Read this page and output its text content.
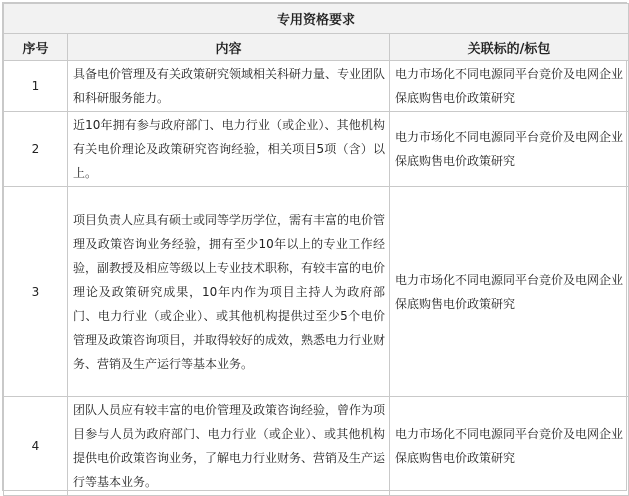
专用资格要求		
序号	内容	关联标的/标包
1	具备电价管理及有关政策研究领域相关科研力量、专业团队和科研服务能力。	电力市场化不同电源同平台竞价及电网企业保底购售电价政策研究
2	近10年拥有参与政府部门、电力行业（或企业）、其他机构有关电价理论及政策研究咨询经验，相关项目5项（含）以上。	电力市场化不同电源同平台竞价及电网企业保底购售电价政策研究
3	项目负责人应具有硕士或同等学历学位，需有丰富的电价管理及政策咨询业务经验，拥有至少10年以上的专业工作经验，副教授及相应等级以上专业技术职称，有较丰富的电价理论及政策研究成果，10年内作为项目主持人为政府部门、电力行业（或企业）、或其他机构提供过至少5个电价管理及政策咨询项目，并取得较好的成效，熟悉电力行业财务、营销及生产运行等基本业务。	电力市场化不同电源同平台竞价及电网企业保底购售电价政策研究
4	团队人员应有较丰富的电价管理及政策咨询经验，曾作为项目参与人员为政府部门、电力行业（或企业）、或其他机构提供电价政策咨询业务，了解电力行业财务、营销及生产运行等基本业务。	电力市场化不同电源同平台竞价及电网企业保底购售电价政策研究
